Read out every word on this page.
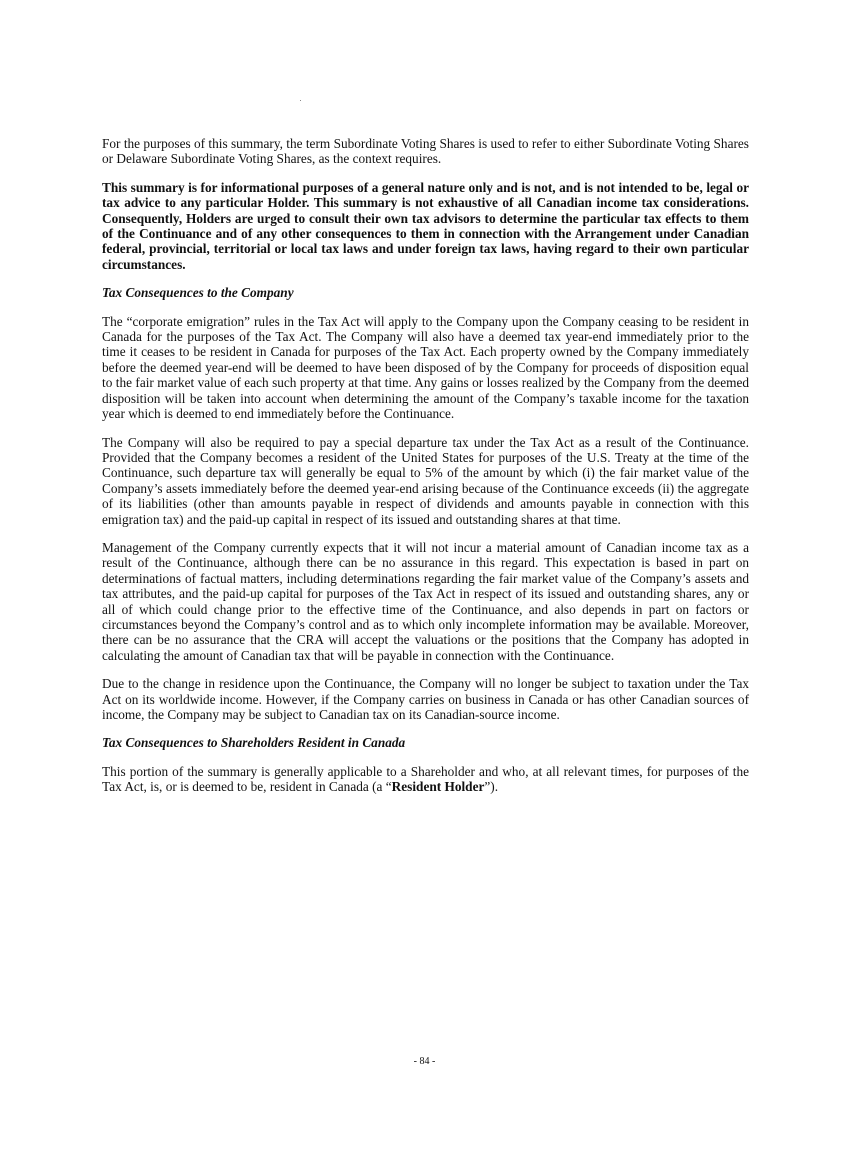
For the purposes of this summary, the term Subordinate Voting Shares is used to refer to either Subordinate Voting Shares or Delaware Subordinate Voting Shares, as the context requires.

This summary is for informational purposes of a general nature only and is not, and is not intended to be, legal or tax advice to any particular Holder. This summary is not exhaustive of all Canadian income tax considerations. Consequently, Holders are urged to consult their own tax advisors to determine the particular tax effects to them of the Continuance and of any other consequences to them in connection with the Arrangement under Canadian federal, provincial, territorial or local tax laws and under foreign tax laws, having regard to their own particular circumstances.

Tax Consequences to the Company

The “corporate emigration” rules in the Tax Act will apply to the Company upon the Company ceasing to be resident in Canada for the purposes of the Tax Act. The Company will also have a deemed tax year-end immediately prior to the time it ceases to be resident in Canada for purposes of the Tax Act. Each property owned by the Company immediately before the deemed year-end will be deemed to have been disposed of by the Company for proceeds of disposition equal to the fair market value of each such property at that time. Any gains or losses realized by the Company from the deemed disposition will be taken into account when determining the amount of the Company’s taxable income for the taxation year which is deemed to end immediately before the Continuance.

The Company will also be required to pay a special departure tax under the Tax Act as a result of the Continuance. Provided that the Company becomes a resident of the United States for purposes of the U.S. Treaty at the time of the Continuance, such departure tax will generally be equal to 5% of the amount by which (i) the fair market value of the Company’s assets immediately before the deemed year-end arising because of the Continuance exceeds (ii) the aggregate of its liabilities (other than amounts payable in respect of dividends and amounts payable in connection with this emigration tax) and the paid-up capital in respect of its issued and outstanding shares at that time.

Management of the Company currently expects that it will not incur a material amount of Canadian income tax as a result of the Continuance, although there can be no assurance in this regard. This expectation is based in part on determinations of factual matters, including determinations regarding the fair market value of the Company’s assets and tax attributes, and the paid-up capital for purposes of the Tax Act in respect of its issued and outstanding shares, any or all of which could change prior to the effective time of the Continuance, and also depends in part on factors or circumstances beyond the Company’s control and as to which only incomplete information may be available. Moreover, there can be no assurance that the CRA will accept the valuations or the positions that the Company has adopted in calculating the amount of Canadian tax that will be payable in connection with the Continuance.

Due to the change in residence upon the Continuance, the Company will no longer be subject to taxation under the Tax Act on its worldwide income. However, if the Company carries on business in Canada or has other Canadian sources of income, the Company may be subject to Canadian tax on its Canadian-source income.

Tax Consequences to Shareholders Resident in Canada

This portion of the summary is generally applicable to a Shareholder and who, at all relevant times, for purposes of the Tax Act, is, or is deemed to be, resident in Canada (a “Resident Holder”).

- 84 -
